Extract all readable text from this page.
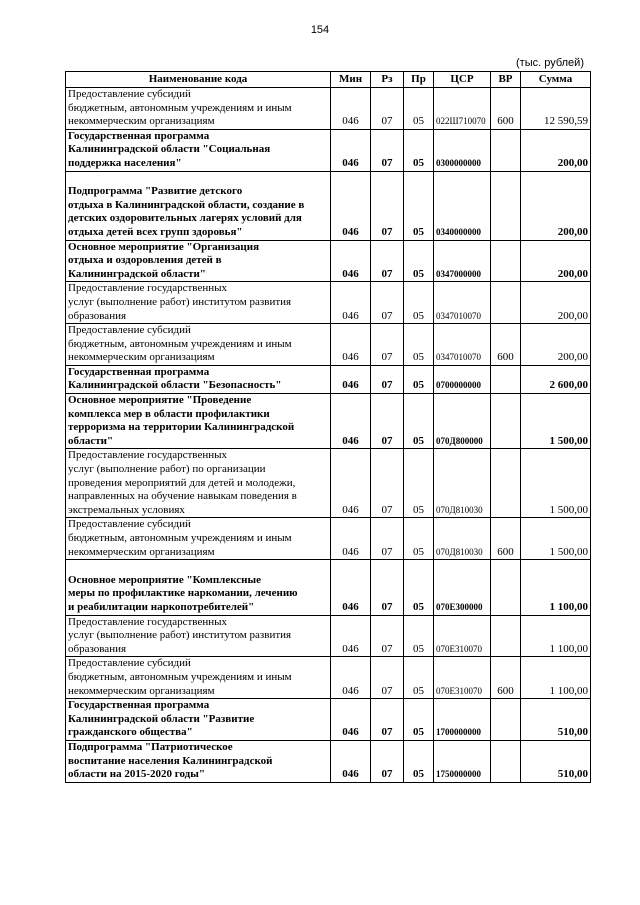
154
(тыс. рублей)
Наименование кода	Мин	Рз	Пр	ЦСР	ВР	Сумма
Предоставление субсидий
бюджетным, автономным учреждениям и иным
некоммерческим организациям	046	07	05	022Ш710070	600	12 590,59
Государственная программа
Калининградской области "Социальная
поддержка населения"	046	07	05	0300000000		200,00

Подпрограмма "Развитие детского
отдыха в Калининградской области, создание в
детских оздоровительных лагерях условий для
отдыха детей всех групп здоровья"	046	07	05	0340000000		200,00
Основное мероприятие "Организация
отдыха и оздоровления детей в
Калининградской области"	046	07	05	0347000000		200,00
Предоставление государственных
услуг (выполнение работ) институтом развития
образования	046	07	05	0347010070		200,00
Предоставление субсидий
бюджетным, автономным учреждениям и иным
некоммерческим организациям	046	07	05	0347010070	600	200,00
Государственная программа
Калининградской области "Безопасность"	046	07	05	0700000000		2 600,00
Основное мероприятие "Проведение
комплекса мер в области профилактики
терроризма на территории Калининградской
области"	046	07	05	070Д800000		1 500,00
Предоставление государственных
услуг (выполнение работ) по организации
проведения мероприятий для детей и молодежи,
направленных на обучение навыкам поведения в
экстремальных условиях	046	07	05	070Д810030		1 500,00
Предоставление субсидий
бюджетным, автономным учреждениям и иным
некоммерческим организациям	046	07	05	070Д810030	600	1 500,00

Основное мероприятие "Комплексные
меры по профилактике наркомании, лечению
и реабилитации наркопотребителей"	046	07	05	070Е300000		1 100,00
Предоставление государственных
услуг (выполнение работ) институтом развития
образования	046	07	05	070Е310070		1 100,00
Предоставление субсидий
бюджетным, автономным учреждениям и иным
некоммерческим организациям	046	07	05	070Е310070	600	1 100,00
Государственная программа
Калининградской области "Развитие
гражданского общества"	046	07	05	1700000000		510,00
Подпрограмма "Патриотическое
воспитание населения Калининградской
области на 2015-2020 годы"	046	07	05	1750000000		510,00
